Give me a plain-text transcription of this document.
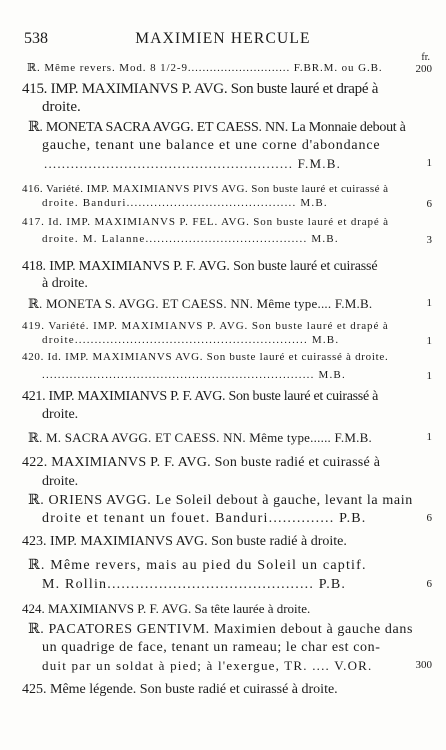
538	MAXIMIEN HERCULE
fr.
ℝ. Même revers. Mod. 8 1/2-9............................ F.BR.M. ou G.B.	200
415. IMP. MAXIMIANVS P. AVG. Son buste lauré et drapé à
droite.
ℝ. MONETA SACRA AVGG. ET CAESS. NN. La Monnaie debout à
gauche, tenant une balance et une corne d'abondance
........................................................ F.M.B.	1
416. Variété. IMP. MAXIMIANVS PIVS AVG. Son buste lauré et cuirassé à
droite. Banduri........................................... M.B.	6
417. Id. IMP. MAXIMIANVS P. FEL. AVG. Son buste lauré et drapé à
droite. M. Lalanne......................................... M.B.	3
418. IMP. MAXIMIANVS P. F. AVG. Son buste lauré et cuirassé
à droite.
ℝ. MONETA S. AVGG. ET CAESS. NN. Même type.... F.M.B.	1
419. Variété. IMP. MAXIMIANVS P. AVG. Son buste lauré et drapé à
droite........................................................... M.B.	1
420. Id. IMP. MAXIMIANVS AVG. Son buste lauré et cuirassé à droite.
..................................................................... M.B.	1
421. IMP. MAXIMIANVS P. F. AVG. Son buste lauré et cuirassé à
droite.
ℝ. M. SACRA AVGG. ET CAESS. NN. Même type...... F.M.B.	1
422. MAXIMIANVS P. F. AVG. Son buste radié et cuirassé à
droite.
ℝ. ORIENS AVGG. Le Soleil debout à gauche, levant la main
droite et tenant un fouet. Banduri.............. P.B.	6
423. IMP. MAXIMIANVS AVG. Son buste radié à droite.
ℝ. Même revers, mais au pied du Soleil un captif.
M. Rollin............................................ P.B.	6
424. MAXIMIANVS P. F. AVG. Sa tête laurée à droite.
ℝ. PACATORES GENTIVM. Maximien debout à gauche dans
un quadrige de face, tenant un rameau; le char est con-
duit par un soldat à pied; à l'exergue, TR. .... V.OR.	300
425. Même légende. Son buste radié et cuirassé à droite.
